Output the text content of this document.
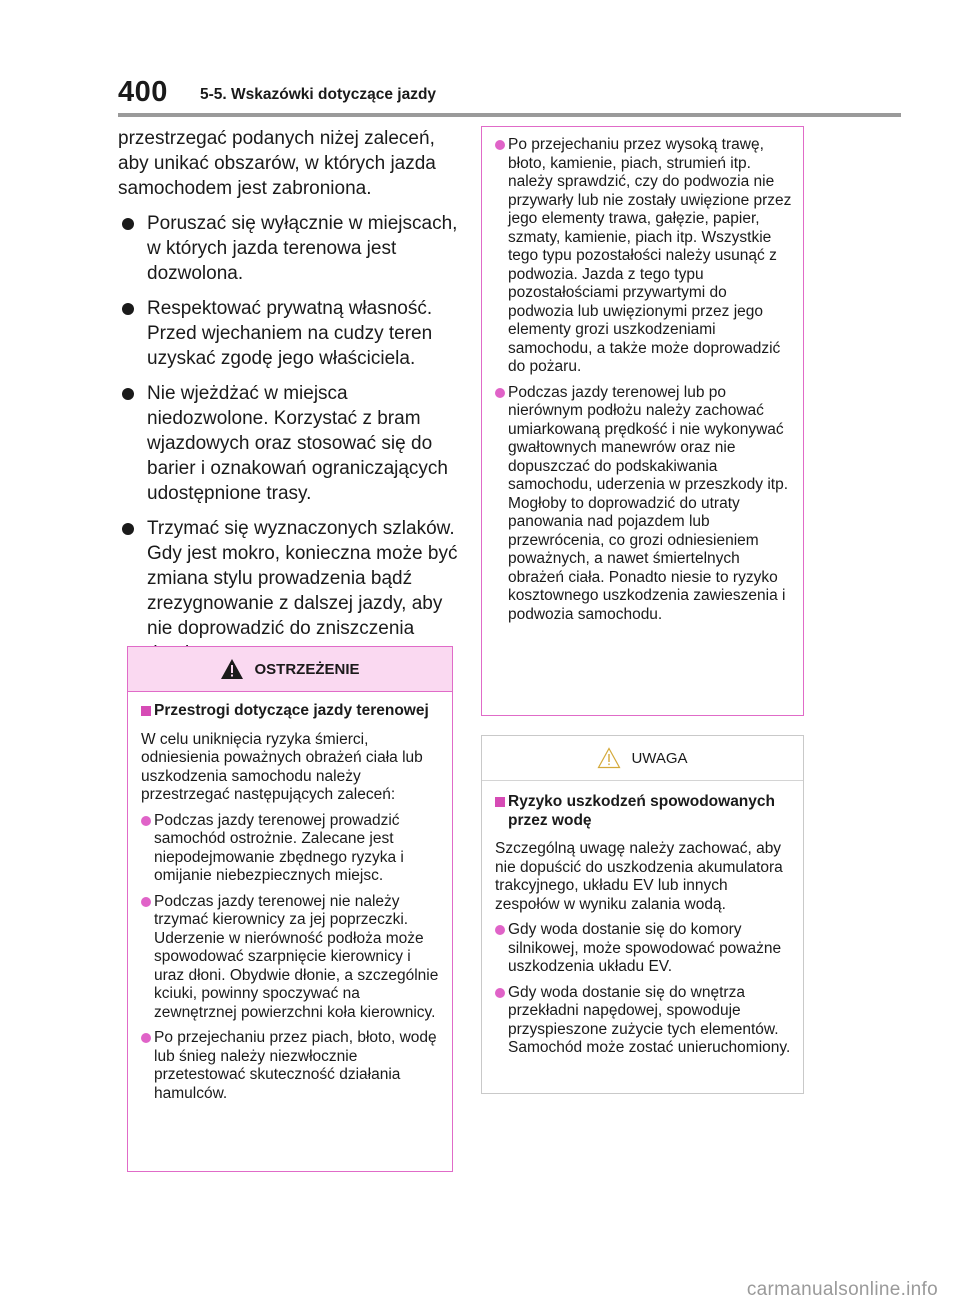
400 5-5. Wskazówki dotyczące jazdy

przestrzegać podanych niżej zaleceń, aby unikać obszarów, w których jazda samochodem jest zabroniona.

Poruszać się wyłącznie w miejscach, w których jazda terenowa jest dozwolona.
Respektować prywatną własność. Przed wjechaniem na cudzy teren uzyskać zgodę jego właściciela.
Nie wjeżdżać w miejsca niedozwolone. Korzystać z bram wjazdowych oraz stosować się do barier i oznakowań ograniczających udostępnione trasy.
Trzymać się wyznaczonych szlaków. Gdy jest mokro, konieczna może być zmiana stylu prowadzenia bądź zrezygnowanie z dalszej jazdy, aby nie doprowadzić do zniszczenia
OSTRZEŻENIE
Przestrogi dotyczące jazdy terenowej

W celu uniknięcia ryzyka śmierci, odniesienia poważnych obrażeń ciała lub uszkodzenia samochodu należy przestrzegać następujących zaleceń:

Podczas jazdy terenowej prowadzić samochód ostrożnie. Zalecane jest niepodejmowanie zbędnego ryzyka i omijanie niebezpiecznych miejsc.
Podczas jazdy terenowej nie należy trzymać kierownicy za jej poprzeczki. Uderzenie w nierówność podłoża może spowodować szarpnięcie kierownicy i uraz dłoni. Obydwie dłonie, a szczególnie kciuki, powinny spoczywać na zewnętrznej powierzchni koła kierownicy.
Po przejechaniu przez piach, błoto, wodę lub śnieg należy niezwłocznie przetestować skuteczność działania hamulców.
Po przejechaniu przez wysoką trawę, błoto, kamienie, piach, strumień itp. należy sprawdzić, czy do podwozia nie przywarły lub nie zostały uwięzione przez jego elementy trawa, gałęzie, papier, szmaty, kamienie, piach itp. Wszystkie tego typu pozostałości należy usunąć z podwozia. Jazda z tego typu pozostałościami przywartymi do podwozia lub uwięzionymi przez jego elementy grozi uszkodzeniami samochodu, a także może doprowadzić do pożaru.
Podczas jazdy terenowej lub po nierównym podłożu należy zachować umiarkowaną prędkość i nie wykonywać gwałtownych manewrów oraz nie dopuszczać do podskakiwania samochodu, uderzenia w przeszkody itp. Mogłoby to doprowadzić do utraty panowania nad pojazdem lub przewrócenia, co grozi odniesieniem poważnych, a nawet śmiertelnych obrażeń ciała. Ponadto niesie to ryzyko kosztownego uszkodzenia zawieszenia i podwozia samochodu.
UWAGA
Ryzyko uszkodzeń spowodowanych przez wodę

Szczególną uwagę należy zachować, aby nie dopuścić do uszkodzenia akumulatora trakcyjnego, układu EV lub innych zespołów w wyniku zalania wodą.

Gdy woda dostanie się do komory silnikowej, może spowodować poważne uszkodzenia układu EV.
Gdy woda dostanie się do wnętrza przekładni napędowej, spowoduje przyspieszone zużycie tych elementów. Samochód może zostać unieruchomiony.
carmanualsonline.info
